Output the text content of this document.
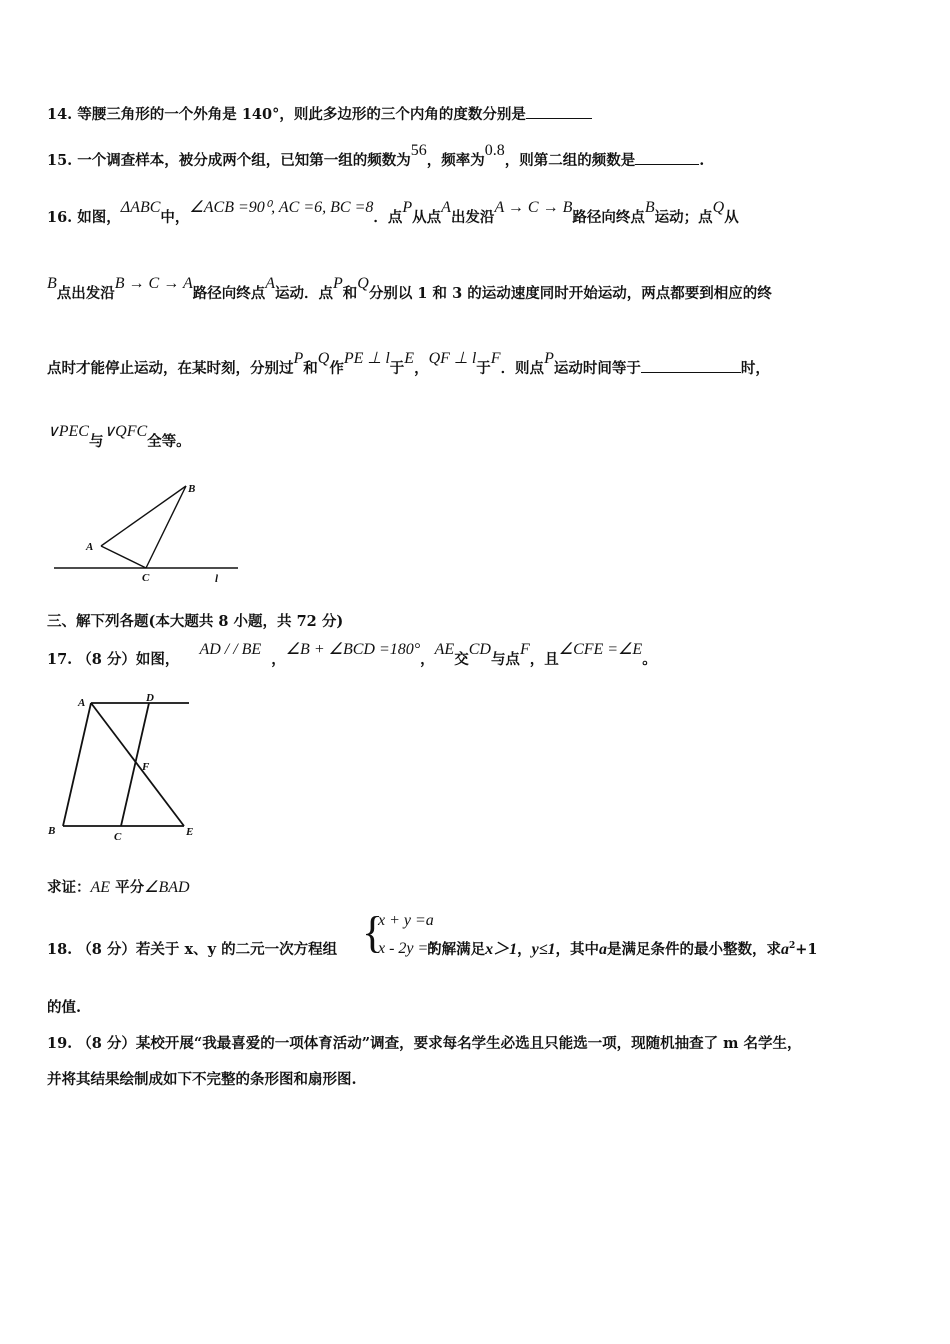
14. 等腰三角形的一个外角是 140°，则此多边形的三个内角的度数分别是
15. 一个调查样本，被分成两个组，已知第一组的频数为56，频率为0.8，则第二组的频数是	.
16. 如图，ΔABC中，∠ACB =90⁰, AC =6, BC =8．点P从点A出发沿A → C → B路径向终点B运动；点Q从
B点出发沿B → C → A路径向终点A运动．点P和Q分别以 1 和 3 的运动速度同时开始运动，两点都要到相应的终
点时才能停止运动，在某时刻，分别过P和Q作PE ⊥ l于E，QF ⊥ l于F．则点P运动时间等于	时，
∨PEC与∨QFC全等。
A
B
C	l
三、解下列各题(本大题共 8 小题，共 72 分)
17. （8 分）如图，AD / / BE，∠B + ∠BCD =180°，AE交CD与点F，且∠CFE =∠E。
A	D
F
B	C	E
求证：AE 平分∠BAD
18. （8 分）若关于 x、y 的二元一次方程组	的解满足x＞1，y≤1，其中a是满足条件的最小整数，求$a^2+1$
{
x + y =a
x - 2y =5
的值.
19. （8 分）某校开展“我最喜爱的一项体育活动”调查，要求每名学生必选且只能选一项，现随机抽查了 m 名学生，
并将其结果绘制成如下不完整的条形图和扇形图.
